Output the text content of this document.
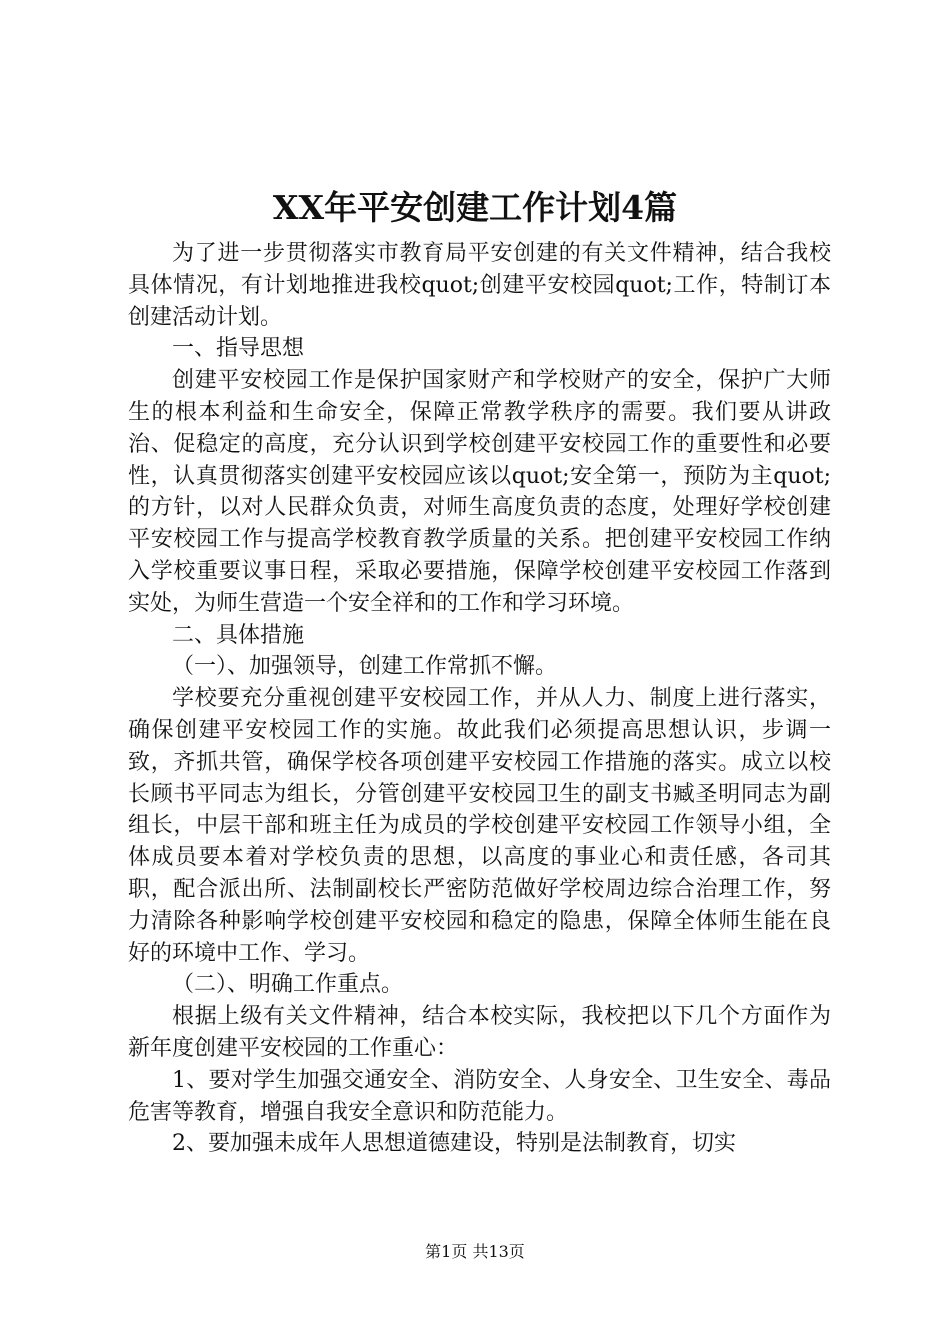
XX年平安创建工作计划4篇

为了进一步贯彻落实市教育局平安创建的有关文件精神，结合我校具体情况，有计划地推进我校quot;创建平安校园quot;工作，特制订本创建活动计划。

一、指导思想

创建平安校园工作是保护国家财产和学校财产的安全，保护广大师生的根本利益和生命安全，保障正常教学秩序的需要。我们要从讲政治、促稳定的高度，充分认识到学校创建平安校园工作的重要性和必要性，认真贯彻落实创建平安校园应该以quot;安全第一，预防为主quot;的方针，以对人民群众负责，对师生高度负责的态度，处理好学校创建平安校园工作与提高学校教育教学质量的关系。把创建平安校园工作纳入学校重要议事日程，采取必要措施，保障学校创建平安校园工作落到实处，为师生营造一个安全祥和的工作和学习环境。

二、具体措施

（一）、加强领导，创建工作常抓不懈。

学校要充分重视创建平安校园工作，并从人力、制度上进行落实，确保创建平安校园工作的实施。故此我们必须提高思想认识，步调一致，齐抓共管，确保学校各项创建平安校园工作措施的落实。成立以校长顾书平同志为组长，分管创建平安校园卫生的副支书臧圣明同志为副组长，中层干部和班主任为成员的学校创建平安校园工作领导小组，全体成员要本着对学校负责的思想，以高度的事业心和责任感，各司其职，配合派出所、法制副校长严密防范做好学校周边综合治理工作，努力清除各种影响学校创建平安校园和稳定的隐患，保障全体师生能在良好的环境中工作、学习。

（二）、明确工作重点。

根据上级有关文件精神，结合本校实际，我校把以下几个方面作为新年度创建平安校园的工作重心：

1、要对学生加强交通安全、消防安全、人身安全、卫生安全、毒品危害等教育，增强自我安全意识和防范能力。

2、要加强未成年人思想道德建设，特别是法制教育，切实

第1页 共13页
